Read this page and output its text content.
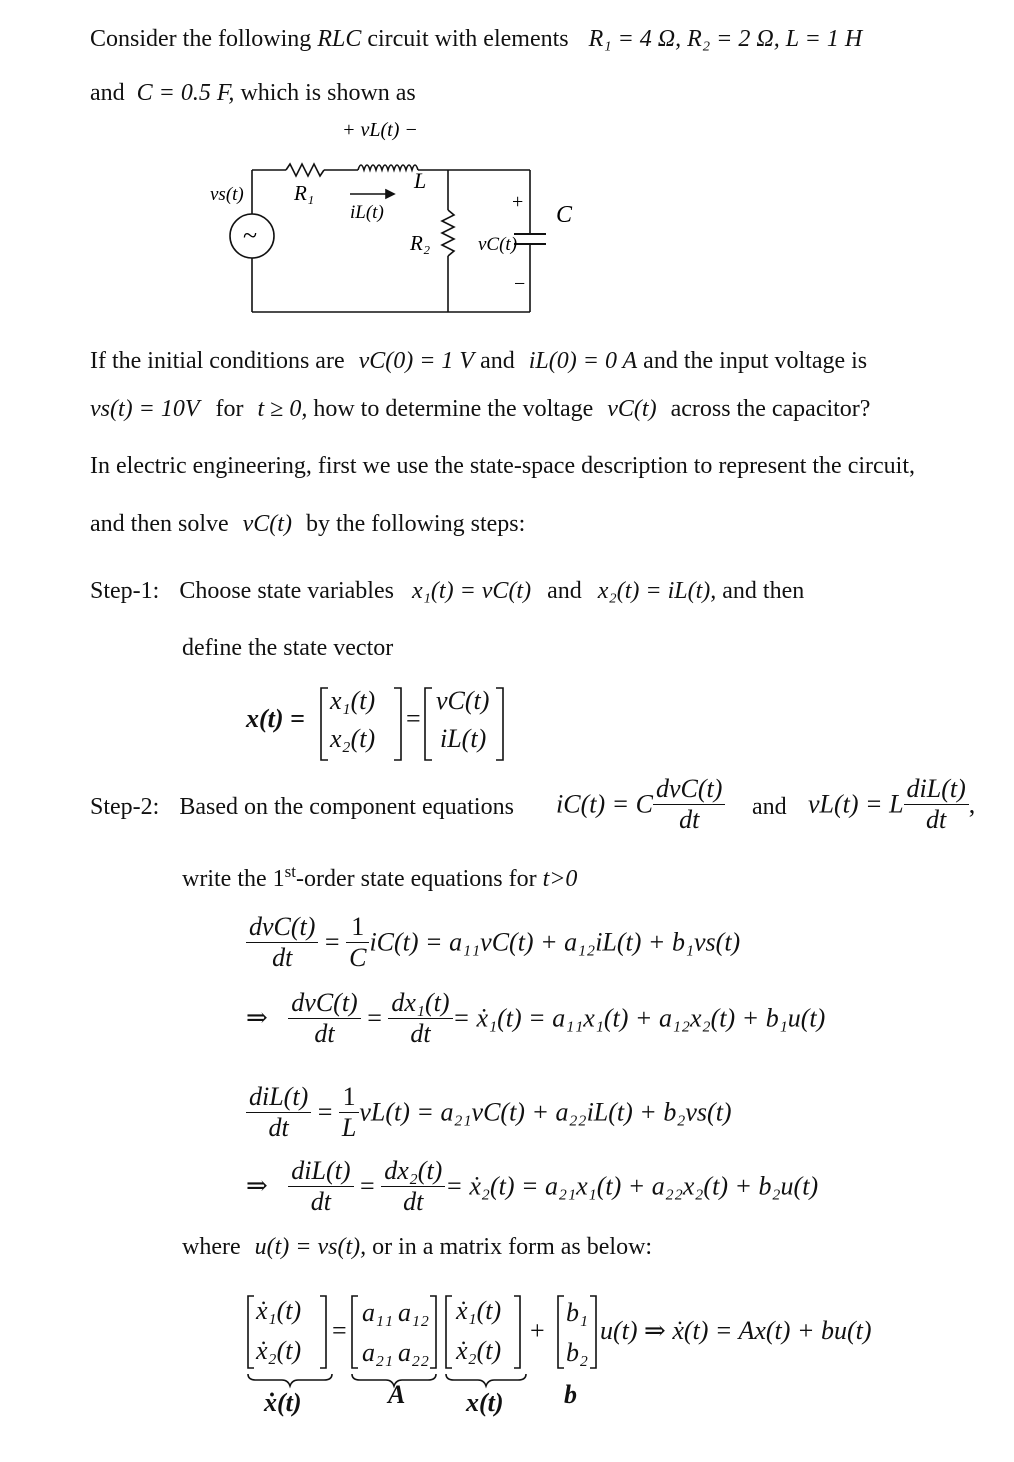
Consider the following RLC circuit with elements R₁ = 4 Ω, R₂ = 2 Ω, L = 1 H
and C = 0.5 F, which is shown as
+ vL(t) −
L
R₁
iL(t)
vs(t)
~	R₂	vC(t)
+
−
C
If the initial conditions are vC(0) = 1 V and iL(0) = 0 A and the input voltage is
vs(t) = 10V for t ≥ 0, how to determine the voltage vC(t) across the capacitor?
In electric engineering, first we use the state-space description to represent the circuit,
and then solve vC(t) by the following steps:
Step-1: Choose state variables x₁(t) = vC(t) and x₂(t) = iL(t), and then
define the state vector
x(t) =
x₁(t)
x₂(t)
=
vC(t)
iL(t)
Step-2: Based on the component equations iC(t) = C $\frac{\text{dvC(t)}}{dt}$ and vL(t) = L $\frac{\text{diL(t)}}{dt}$ ,
write the 1st-order state equations for t>0
$\frac{\text{dvC(t)}}{dt} = \frac{1}{C} iC(t) = a_{11}vC(t) + a_{12}iL(t) + b_1vs(t)$
⇒ $\frac{\text{dvC(t)}}{dt} = \frac{\text{dx₁(t)}}{dt}$ = ẋ₁(t) = a₁₁x₁(t) + a₁₂x₂(t) + b₁u(t)
$\frac{\text{diL(t)}}{dt} = \frac{1}{L} vL(t) = a_{21}vC(t) + a_{22}iL(t) + b_2vs(t)$
⇒ $\frac{\text{diL(t)}}{dt} = \frac{\text{dx₂(t)}}{dt}$ = ẋ₂(t) = a₂₁x₁(t) + a₂₂x₂(t) + b₂u(t)
where u(t) = vs(t), or in a matrix form as below:
ẋ₁(t)
ẋ₂(t)
=
a₁₁ a₁₂
a₂₁ a₂₂
ẋ₁(t)
ẋ₂(t)
+
b₁
b₂
u(t) ⇒ ẋ(t) = Ax(t) + bu(t)
ẋ(t)	A x(t) b
